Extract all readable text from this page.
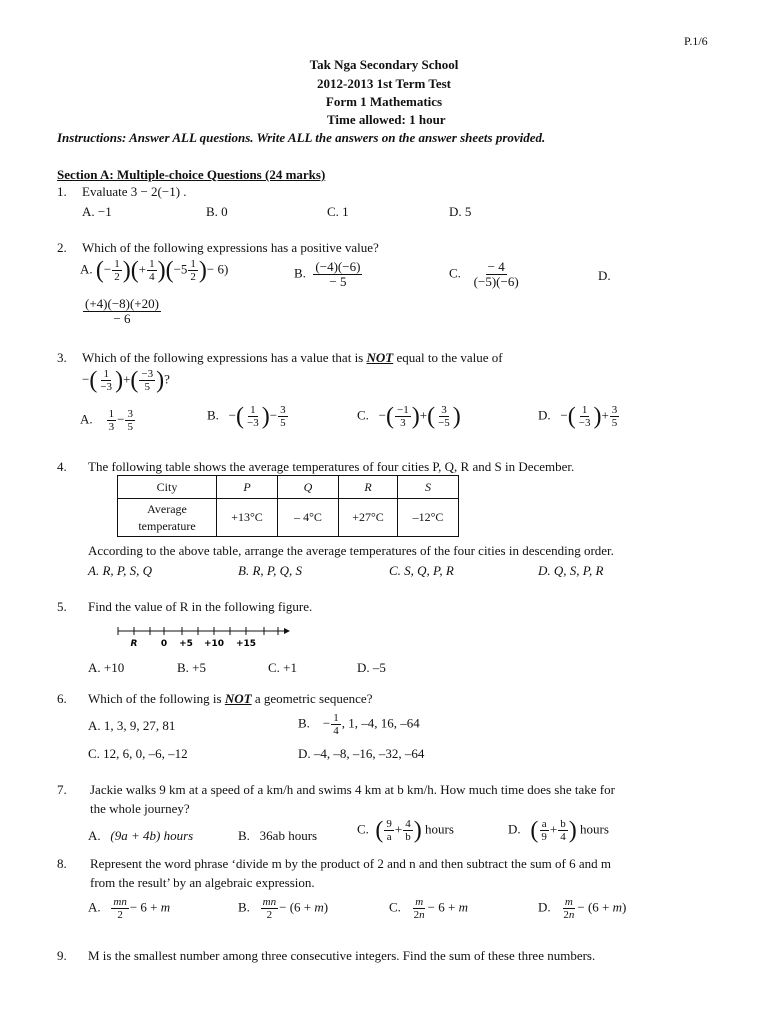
P.1/6
Tak Nga Secondary School
2012-2013 1st Term Test
Form 1 Mathematics
Time allowed: 1 hour
Instructions: Answer ALL questions. Write ALL the answers on the answer sheets provided.
Section A: Multiple-choice Questions (24 marks)
1. Evaluate 3 − 2(−1) .
A. −1	B. 0	C. 1	D. 5
2. Which of the following expressions has a positive value?
A. (− $\frac{1}{2}$ )(+ $\frac{1}{4} )(-5 \frac{1}{2}$ )− 6)	B. $\frac{(-4)(-6)}{- 5}$	C. $\frac{- 4}{(-5)(-6)}$	D.
$\frac{(+4)(-8)(+20)}{- 6}$
3. Which of the following expressions has a value that is NOT equal to the value of
−( $\frac{1}{-3}$ )+( $\frac{-3}{5}$ )?
A. $\frac{1}{3} - \frac{3}{5}$	B.   −( $\frac{1}{-3}$ )− $\frac{3}{5}$	C.   −( $\frac{-1}{3}$ )+( $\frac{3}{-5}$ )	D.   −( $\frac{1}{-3}$ )+ $\frac{3}{5}$
4. The following table shows the average temperatures of four cities P, Q, R and S in December.
City	P	Q	R	S
Average
temperature	+13°C	– 4°C	+27°C	–12°C
According to the above table, arrange the average temperatures of the four cities in descending order.
A. R, P, S, Q	B. R, P, Q, S	C. S, Q, P, R	D. Q, S, P, R
5. Find the value of R in the following figure.
R	0 +5 +10 +15
A. +10	B. +5	C. +1	D. –5
6. Which of the following is NOT a geometric sequence?
A. 1, 3, 9, 27, 81	B.    − $\frac{1}{4}$ , 1, –4, 16, –64
C. 12, 6, 0, –6, –12	D. –4, –8, –16, –32, –64
7. Jackie walks 9 km at a speed of a km/h and swims 4 km at b km/h. How much time does she take for
the whole journey?
A.   (9a + 4b) hours	B.   36ab hours	C.  ( $\frac{9}{a} + \frac{4}{b}$ ) hours	D.   ( $\frac{a}{9} + \frac{b}{4}$ ) hours
8. Represent the word phrase ‘divide m by the product of 2 and n and then subtract the sum of 6 and m
from the result’ by an algebraic expression.
A. $\frac{mn}{2} - 6 + m$	B. $\frac{mn}{2} - (6 + m)$	C. $\frac{m}{2n} - 6 + m$	D. $\frac{m}{2n} - (6 + m)$
9. M is the smallest number among three consecutive integers. Find the sum of these three numbers.
